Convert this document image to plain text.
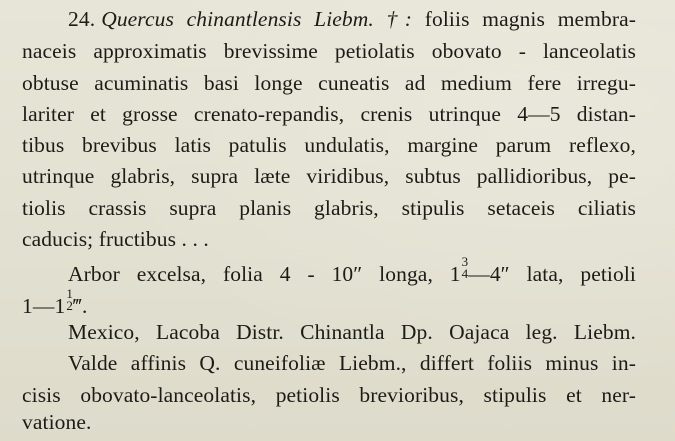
24. Quercus chinantlensis Liebm. †: foliis magnis membra-
naceis approximatis brevissime petiolatis obovato - lanceolatis
obtuse acuminatis basi longe cuneatis ad medium fere irregu-
lariter et grosse crenato-repandis, crenis utrinque 4—5 distan-
tibus brevibus latis patulis undulatis, margine parum reflexo,
utrinque glabris, supra læte viridibus, subtus pallidioribus, pe-
tiolis crassis supra planis glabris, stipulis setaceis ciliatis
caducis; fructibus . . .
Arbor excelsa, folia 4 - 10″ longa, 1
3
4 —4″ lata, petioli
1—1
1
2 ‴.
Mexico, Lacoba Distr. Chinantla Dp. Oajaca leg. Liebm.
Valde affinis Q. cuneifoliæ Liebm., differt foliis minus in-
cisis obovato-lanceolatis, petiolis brevioribus, stipulis et ner-
vatione.
